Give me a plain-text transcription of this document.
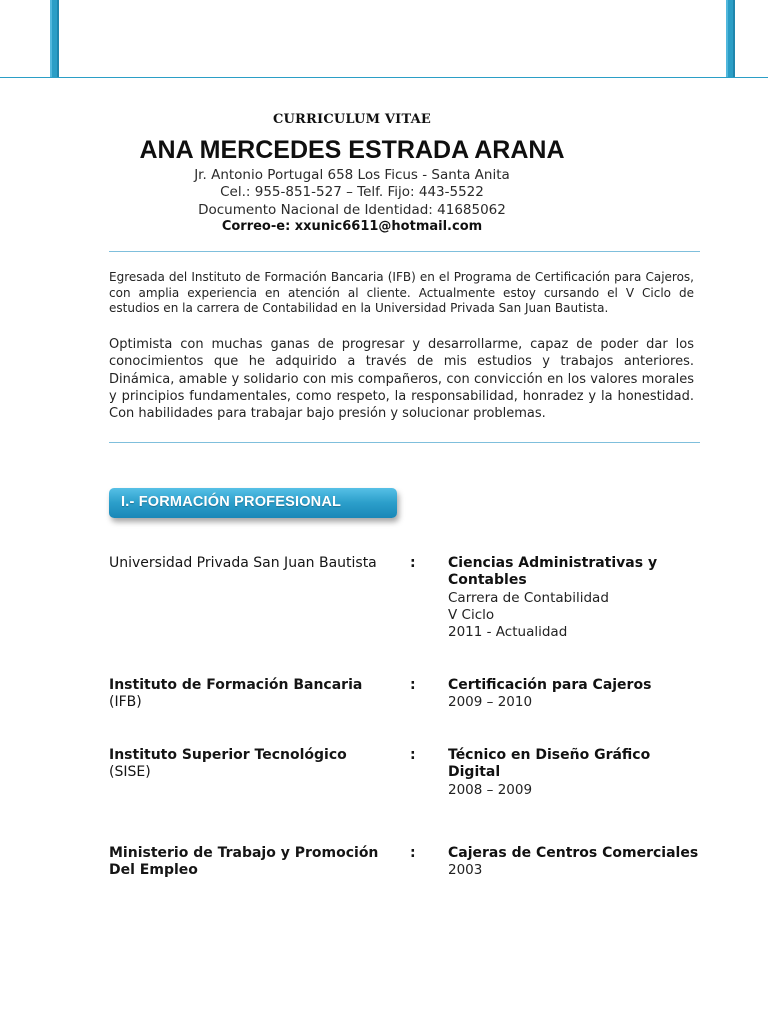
CURRICULUM VITAE
ANA MERCEDES ESTRADA ARANA
Jr. Antonio Portugal 658 Los Ficus - Santa Anita
Cel.: 955-851-527 – Telf. Fijo: 443-5522
Documento Nacional de Identidad: 41685062
Correo-e: xxunic6611@hotmail.com
Egresada del Instituto de Formación Bancaria (IFB) en el Programa de Certificación para Cajeros, con amplia experiencia en atención al cliente. Actualmente estoy cursando el V Ciclo de estudios en la carrera de Contabilidad en la Universidad Privada San Juan Bautista.
Optimista con muchas ganas de progresar y desarrollarme, capaz de poder dar los conocimientos que he adquirido a través de mis estudios y trabajos anteriores. Dinámica, amable y solidario con mis compañeros, con convicción en los valores morales y principios fundamentales, como respeto, la responsabilidad, honradez y la honestidad. Con habilidades para trabajar bajo presión y solucionar problemas.
I.- FORMACIÓN PROFESIONAL
Universidad Privada San Juan Bautista	: Ciencias Administrativas y Contables
Carrera de Contabilidad
V Ciclo
2011 - Actualidad
Instituto de Formación Bancaria
(IFB)
: Certificación para Cajeros
2009 – 2010
Instituto Superior Tecnológico
(SISE)
: Técnico en Diseño Gráfico Digital
2008 – 2009
Ministerio de Trabajo y Promoción Del Empleo
: Cajeras de Centros Comerciales
2003
